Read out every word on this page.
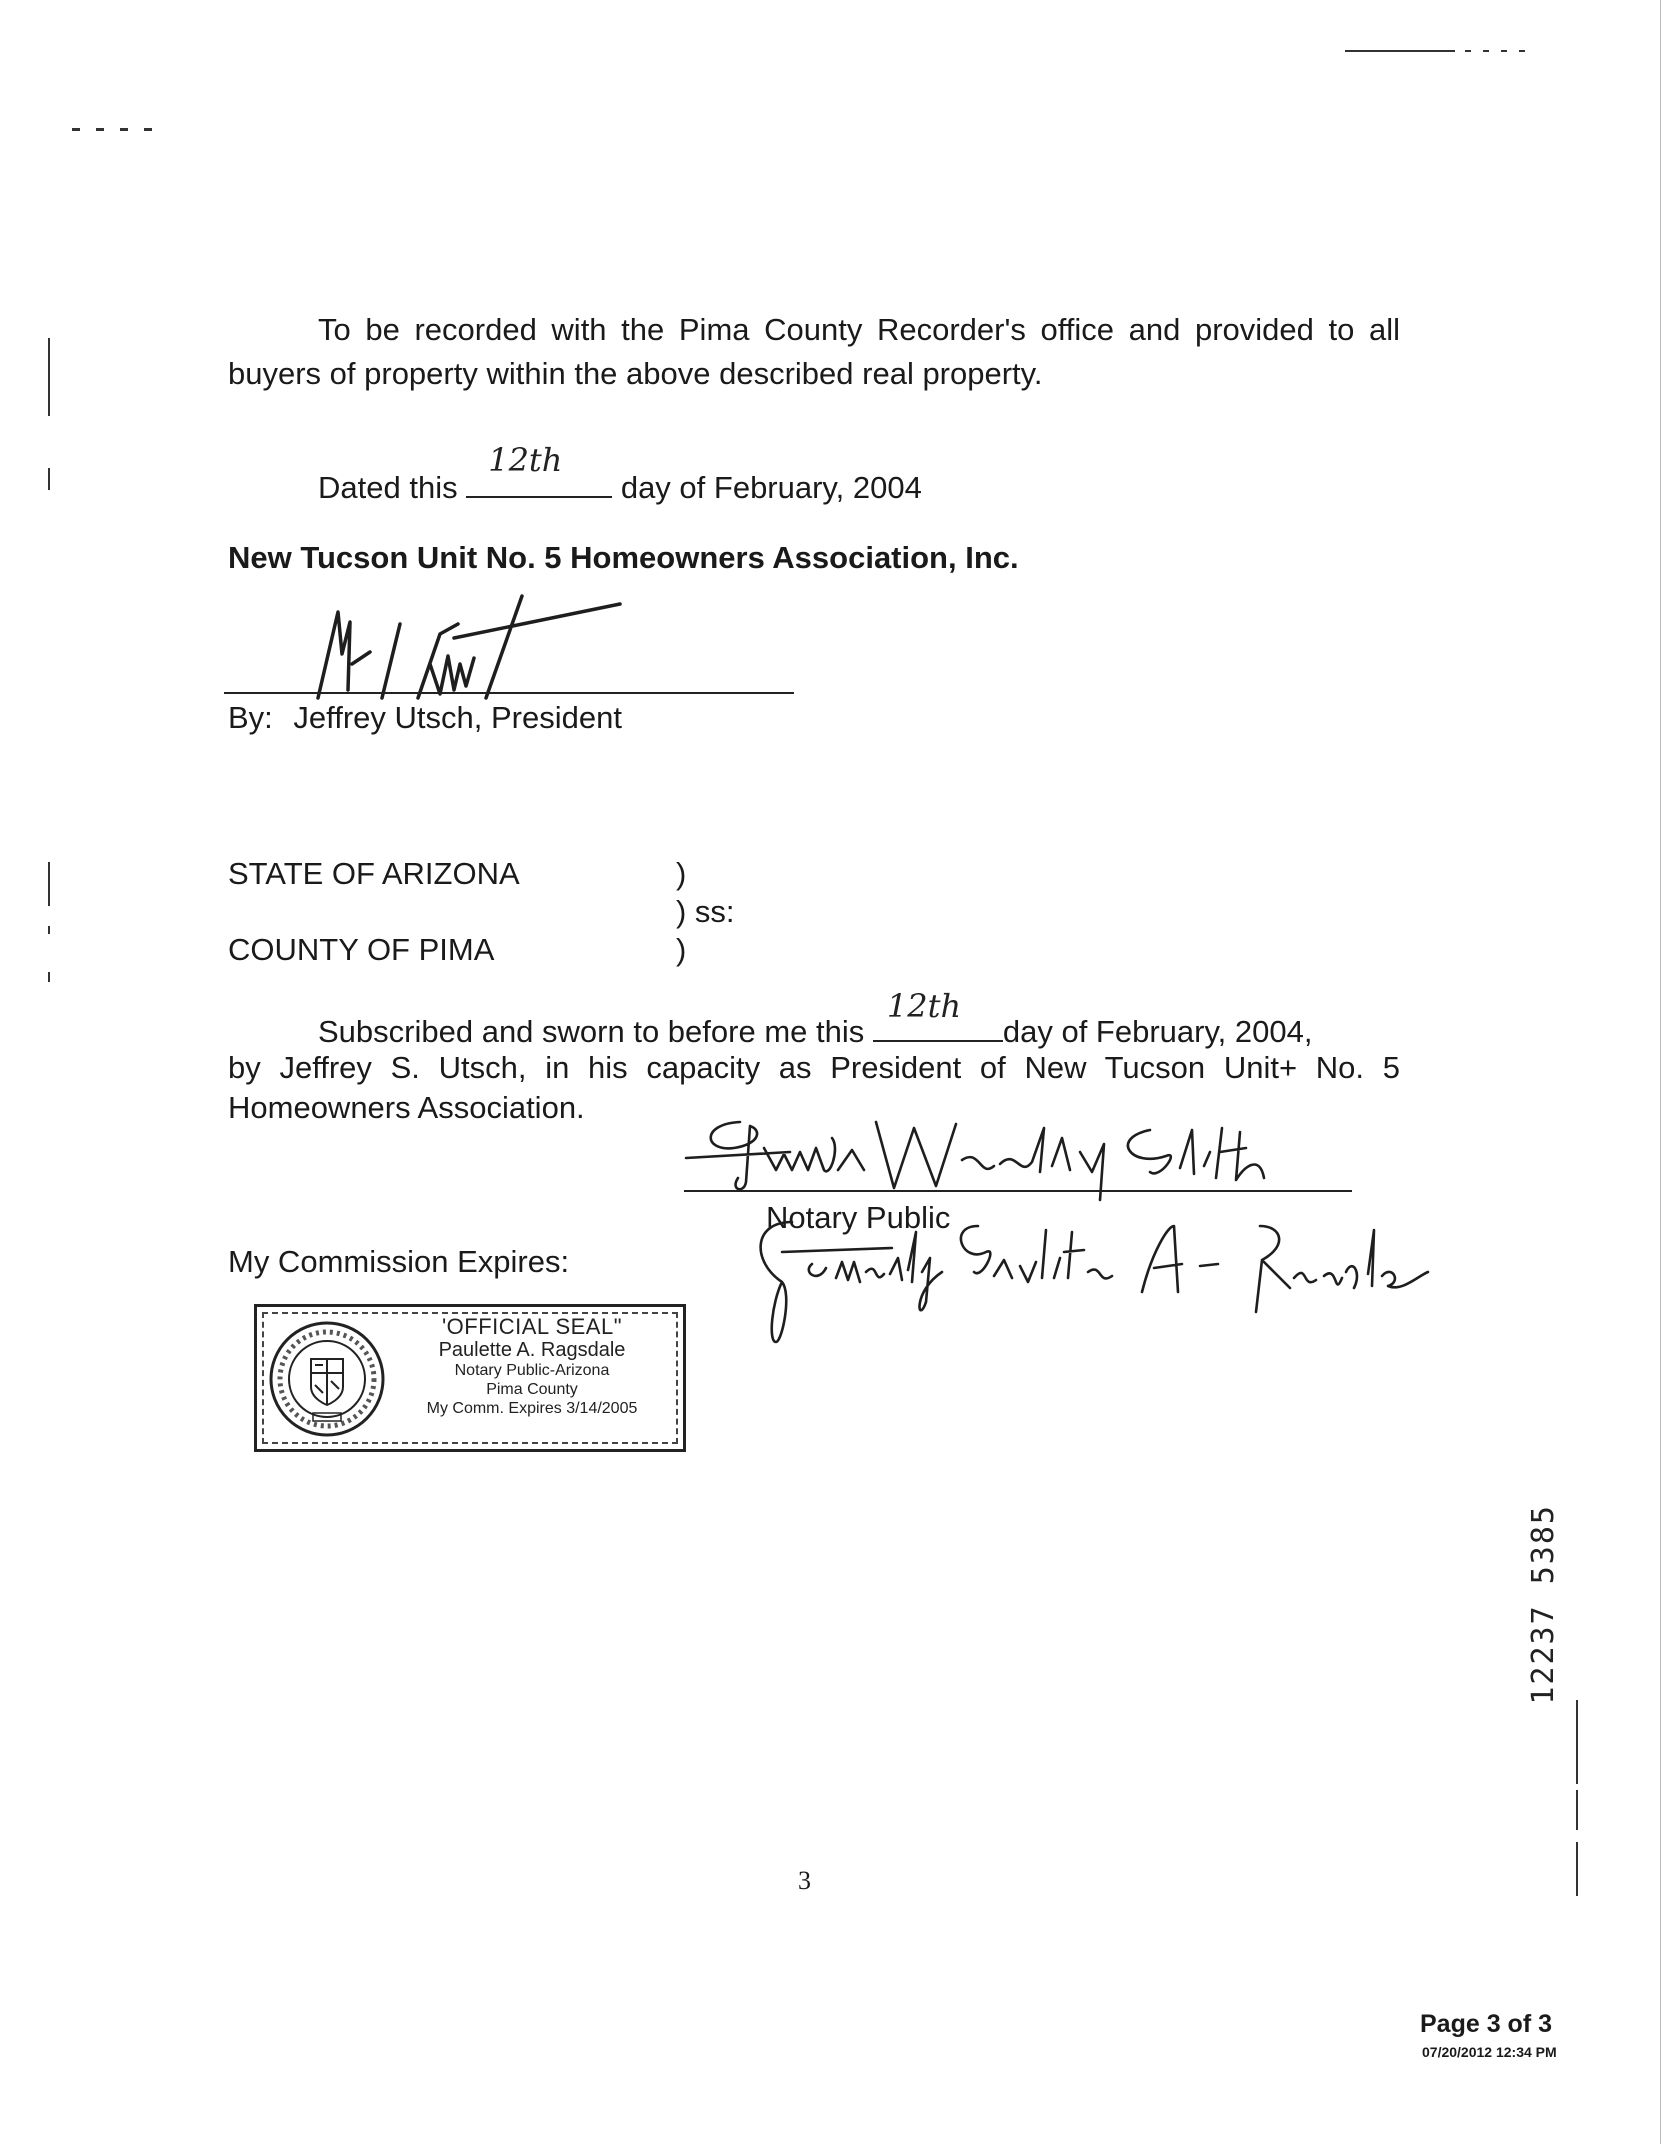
To be recorded with the Pima County Recorder's office and provided to all buyers of property within the above described real property.
Dated this
12th
day of February, 2004
New Tucson Unit No. 5 Homeowners Association, Inc.
By: Jeffrey Utsch, President
STATE OF ARIZONA	)
) ss:
COUNTY OF PIMA	)
Subscribed and sworn to before me this
12th
day of February, 2004,
by Jeffrey S. Utsch, in his capacity as President of New Tucson Unit+ No. 5
Homeowners Association.
Notary Public
My Commission Expires:
'OFFICIAL SEAL"
Paulette A. Ragsdale
Notary Public-Arizona
Pima County
My Comm. Expires 3/14/2005
12237 5385
3
Page 3 of 3
07/20/2012 12:34 PM
